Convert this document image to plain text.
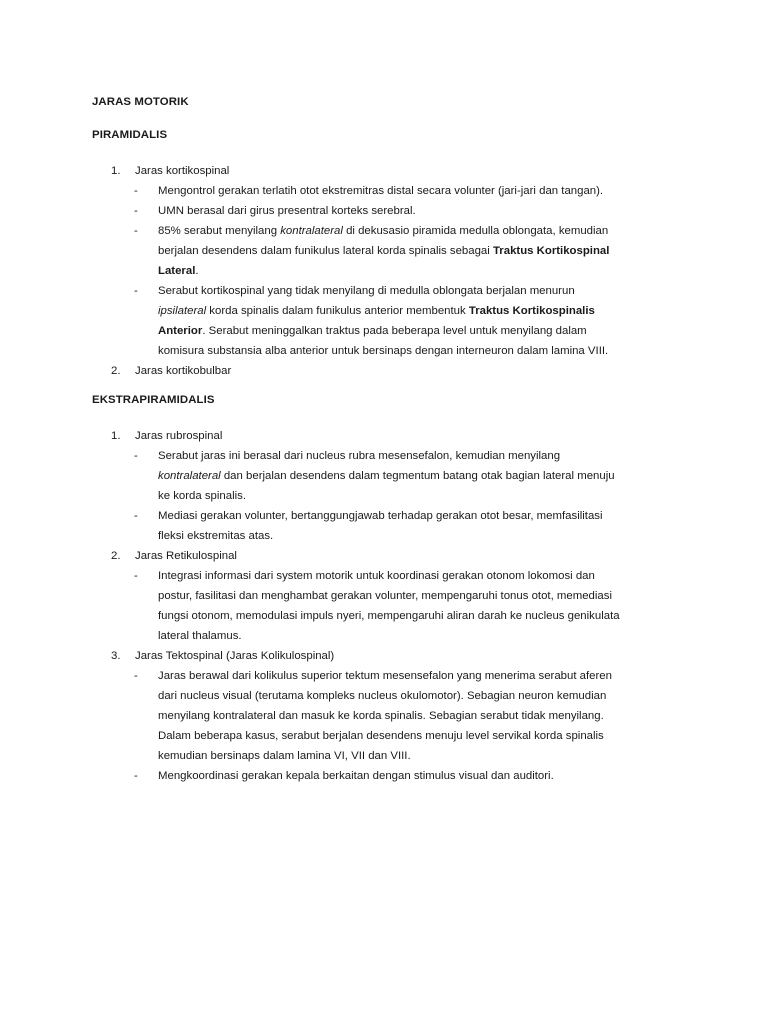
JARAS MOTORIK
PIRAMIDALIS
1. Jaras kortikospinal
- Mengontrol gerakan terlatih otot ekstremitras distal secara volunter (jari-jari dan tangan).
- UMN berasal dari girus presentral korteks serebral.
- 85% serabut menyilang kontralateral di dekusasio piramida medulla oblongata, kemudian
berjalan desendens dalam funikulus lateral korda spinalis sebagai Traktus Kortikospinal
Lateral.
- Serabut kortikospinal yang tidak menyilang di medulla oblongata berjalan menurun
ipsilateral korda spinalis dalam funikulus anterior membentuk Traktus Kortikospinalis
Anterior. Serabut meninggalkan traktus pada beberapa level untuk menyilang dalam
komisura substansia alba anterior untuk bersinaps dengan interneuron dalam lamina VIII.
2. Jaras kortikobulbar
EKSTRAPIRAMIDALIS
1. Jaras rubrospinal
- Serabut jaras ini berasal dari nucleus rubra mesensefalon, kemudian menyilang
kontralateral dan berjalan desendens dalam tegmentum batang otak bagian lateral menuju
ke korda spinalis.
- Mediasi gerakan volunter, bertanggungjawab terhadap gerakan otot besar, memfasilitasi
fleksi ekstremitas atas.
2. Jaras Retikulospinal
- Integrasi informasi dari system motorik untuk koordinasi gerakan otonom lokomosi dan
postur, fasilitasi dan menghambat gerakan volunter, mempengaruhi tonus otot, memediasi
fungsi otonom, memodulasi impuls nyeri, mempengaruhi aliran darah ke nucleus genikulata
lateral thalamus.
3. Jaras Tektospinal (Jaras Kolikulospinal)
- Jaras berawal dari kolikulus superior tektum mesensefalon yang menerima serabut aferen
dari nucleus visual (terutama kompleks nucleus okulomotor). Sebagian neuron kemudian
menyilang kontralateral dan masuk ke korda spinalis. Sebagian serabut tidak menyilang.
Dalam beberapa kasus, serabut berjalan desendens menuju level servikal korda spinalis
kemudian bersinaps dalam lamina VI, VII dan VIII.
- Mengkoordinasi gerakan kepala berkaitan dengan stimulus visual dan auditori.
